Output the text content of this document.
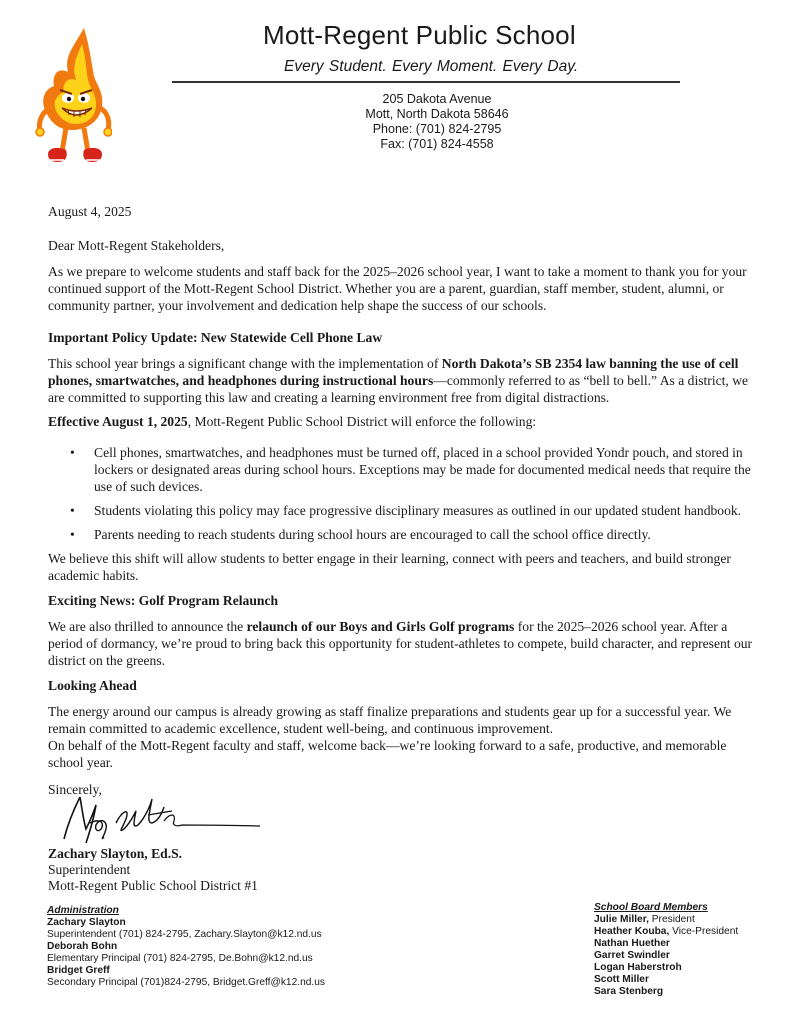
Mott-Regent Public School
Every Student. Every Moment. Every Day.
205 Dakota Avenue
Mott, North Dakota 58646
Phone: (701) 824-2795
Fax: (701) 824-4558

August 4, 2025

Dear Mott-Regent Stakeholders,

As we prepare to welcome students and staff back for the 2025–2026 school year, I want to take a moment to thank you for your continued support of the Mott-Regent School District. Whether you are a parent, guardian, staff member, student, alumni, or community partner, your involvement and dedication help shape the success of our schools.

Important Policy Update: New Statewide Cell Phone Law

This school year brings a significant change with the implementation of North Dakota’s SB 2354 law banning the use of cell phones, smartwatches, and headphones during instructional hours—commonly referred to as “bell to bell.” As a district, we are committed to supporting this law and creating a learning environment free from digital distractions.

Effective August 1, 2025, Mott-Regent Public School District will enforce the following:

• Cell phones, smartwatches, and headphones must be turned off, placed in a school provided Yondr pouch, and stored in lockers or designated areas during school hours. Exceptions may be made for documented medical needs that require the use of such devices.
• Students violating this policy may face progressive disciplinary measures as outlined in our updated student handbook.
• Parents needing to reach students during school hours are encouraged to call the school office directly.

We believe this shift will allow students to better engage in their learning, connect with peers and teachers, and build stronger academic habits.

Exciting News: Golf Program Relaunch

We are also thrilled to announce the relaunch of our Boys and Girls Golf programs for the 2025–2026 school year. After a period of dormancy, we’re proud to bring back this opportunity for student-athletes to compete, build character, and represent our district on the greens.

Looking Ahead

The energy around our campus is already growing as staff finalize preparations and students gear up for a successful year. We remain committed to academic excellence, student well-being, and continuous improvement.

On behalf of the Mott-Regent faculty and staff, welcome back—we’re looking forward to a safe, productive, and memorable school year.

Sincerely,

Zachary Slayton, Ed.S.
Superintendent
Mott-Regent Public School District #1
Administration
Zachary Slayton
Superintendent (701) 824-2795, Zachary.Slayton@k12.nd.us
Deborah Bohn
Elementary Principal (701) 824-2795, De.Bohn@k12.nd.us
Bridget Greff
Secondary Principal (701)824-2795, Bridget.Greff@k12.nd.us
School Board Members
Julie Miller, President
Heather Kouba, Vice-President
Nathan Huether
Garret Swindler
Logan Haberstroh
Scott Miller
Sara Stenberg
